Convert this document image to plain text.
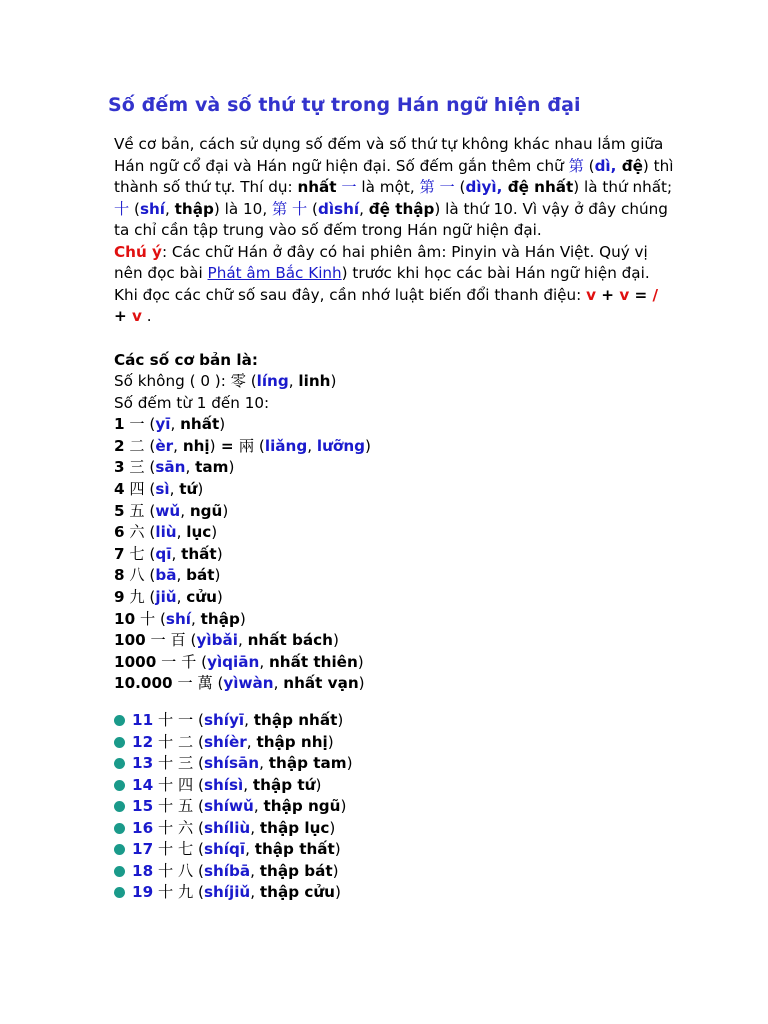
Số đếm và số thứ tự trong Hán ngữ hiện đại

Về cơ bản, cách sử dụng số đếm và số thứ tự không khác nhau lắm giữa Hán ngữ cổ đại và Hán ngữ hiện đại. Số đếm gắn thêm chữ 第 (dì, đệ) thì thành số thứ tự. Thí dụ: nhất 一 là một, 第 一 (dìyì, đệ nhất) là thứ nhất; 十 (shí, thập) là 10, 第 十 (dìshí, đệ thập) là thứ 10. Vì vậy ở đây chúng ta chỉ cần tập trung vào số đếm trong Hán ngữ hiện đại.
Chú ý: Các chữ Hán ở đây có hai phiên âm: Pinyin và Hán Việt. Quý vị nên đọc bài Phát âm Bắc Kinh) trước khi học các bài Hán ngữ hiện đại. Khi đọc các chữ số sau đây, cần nhớ luật biến đổi thanh điệu: v + v = / + v .

Các số cơ bản là:
Số không ( 0 ): 零 (líng, linh)
Số đếm từ 1 đến 10:
1 一 (yī, nhất)
2 二 (èr, nhị) = 兩 (liǎng, lưỡng)
3 三 (sān, tam)
4 四 (sì, tứ)
5 五 (wǔ, ngũ)
6 六 (liù, lục)
7 七 (qī, thất)
8 八 (bā, bát)
9 九 (jiǔ, cửu)
10 十 (shí, thập)
100 一 百 (yìbǎi, nhất bách)
1000 一 千 (yìqiān, nhất thiên)
10.000 一 萬 (yìwàn, nhất vạn)
11 十 一 (shíyī, thập nhất)
12 十 二 (shíèr, thập nhị)
13 十 三 (shísān, thập tam)
14 十 四 (shísì, thập tứ)
15 十 五 (shíwǔ, thập ngũ)
16 十 六 (shíliù, thập lục)
17 十 七 (shíqī, thập thất)
18 十 八 (shíbā, thập bát)
19 十 九 (shíjiǔ, thập cửu)
